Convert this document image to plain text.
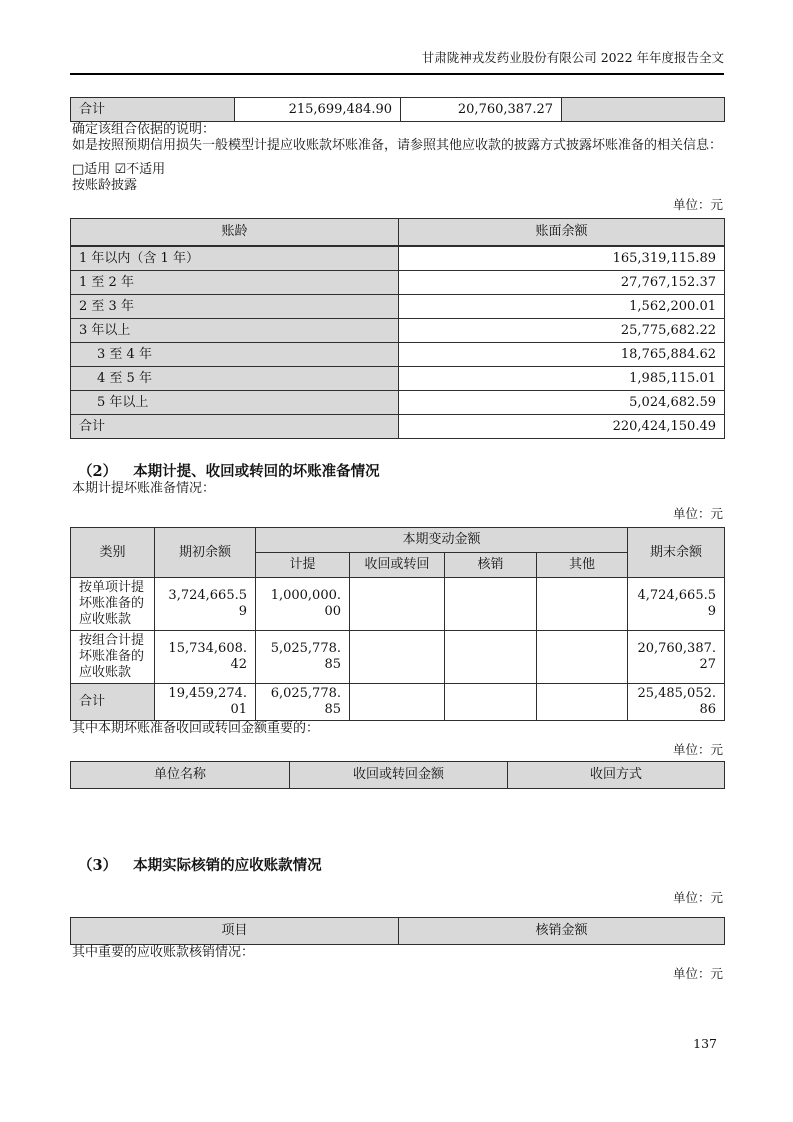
甘肃陇神戎发药业股份有限公司 2022 年年度报告全文
合计	215,699,484.90	20,760,387.27	

确定该组合依据的说明：

如是按照预期信用损失一般模型计提应收账款坏账准备，请参照其他应收款的披露方式披露坏账准备的相关信息：

□适用 ☑不适用

按账龄披露

单位：元
账龄	账面余额
1 年以内（含 1 年）	165,319,115.89
1 至 2 年	27,767,152.37
2 至 3 年	1,562,200.01
3 年以上	25,775,682.22
3 至 4 年	18,765,884.62
4 至 5 年	1,985,115.01
5 年以上	5,024,682.59
合计	220,424,150.49

（2） 本期计提、收回或转回的坏账准备情况

本期计提坏账准备情况：

单位：元
类别	期初余额	本期变动金额				期末余额
		计提	收回或转回	核销	其他	
按单项计提坏账准备的应收账款	3,724,665.59	1,000,000.00				4,724,665.59
按组合计提坏账准备的应收账款	15,734,608.42	5,025,778.85				20,760,387.27
合计	19,459,274.01	6,025,778.85				25,485,052.86

其中本期坏账准备收回或转回金额重要的：

单位：元
单位名称	收回或转回金额	收回方式

（3） 本期实际核销的应收账款情况

单位：元
项目	核销金额

其中重要的应收账款核销情况：

单位：元
137
